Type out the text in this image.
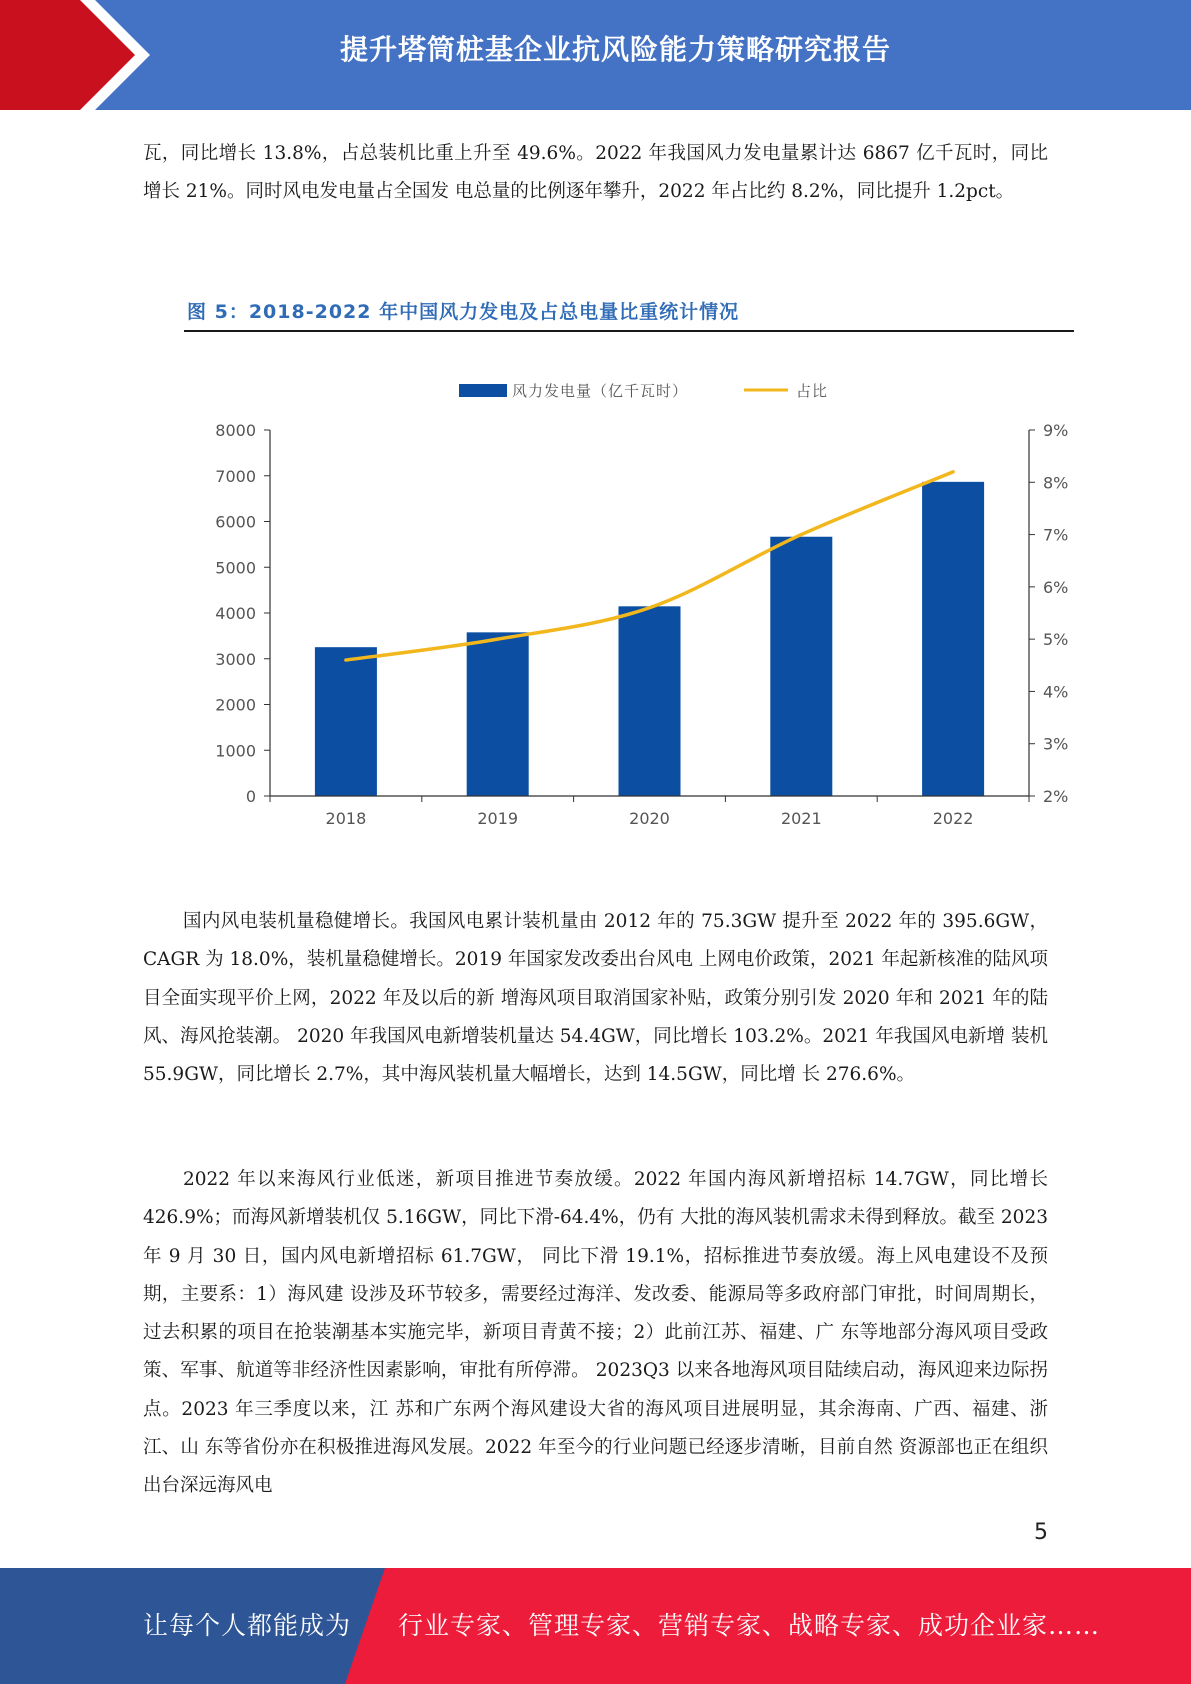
提升塔筒桩基企业抗风险能力策略研究报告

瓦，同比增长 13.8%，占总装机比重上升至 49.6%。2022 年我国风力发电量累计达 6867 亿千瓦时，同比增长 21%。同时风电发电量占全国发 电总量的比例逐年攀升，2022 年占比约 8.2%，同比提升 1.2pct。

图 5：2018-2022 年中国风力发电及占总电量比重统计情况
风力发电量（亿千瓦时）	占比
0
1000
2000
3000
4000
5000
6000
7000
8000
2%
3%
4%
5%
6%
7%
8%
9%
2018	2019	2020	2021	2022

国内风电装机量稳健增长。我国风电累计装机量由 2012 年的 75.3GW 提升至 2022 年的 395.6GW，CAGR 为 18.0%，装机量稳健增长。2019 年国家发改委出台风电 上网电价政策，2021 年起新核准的陆风项目全面实现平价上网，2022 年及以后的新 增海风项目取消国家补贴，政策分别引发 2020 年和 2021 年的陆风、海风抢装潮。 2020 年我国风电新增装机量达 54.4GW，同比增长 103.2%。2021 年我国风电新增 装机 55.9GW，同比增长 2.7%，其中海风装机量大幅增长，达到 14.5GW，同比增 长 276.6%。

2022 年以来海风行业低迷，新项目推进节奏放缓。2022 年国内海风新增招标 14.7GW，同比增长 426.9%；而海风新增装机仅 5.16GW，同比下滑-64.4%，仍有 大批的海风装机需求未得到释放。截至 2023 年 9 月 30 日，国内风电新增招标 61.7GW， 同比下滑 19.1%，招标推进节奏放缓。海上风电建设不及预期，主要系：1）海风建 设涉及环节较多，需要经过海洋、发改委、能源局等多政府部门审批，时间周期长， 过去积累的项目在抢装潮基本实施完毕，新项目青黄不接；2）此前江苏、福建、广 东等地部分海风项目受政策、军事、航道等非经济性因素影响，审批有所停滞。 2023Q3 以来各地海风项目陆续启动，海风迎来边际拐点。2023 年三季度以来，江 苏和广东两个海风建设大省的海风项目进展明显，其余海南、广西、福建、浙江、山 东等省份亦在积极推进海风发展。2022 年至今的行业问题已经逐步清晰，目前自然 资源部也正在组织出台深远海风电

5
让每个人都能成为 行业专家、管理专家、营销专家、战略专家、成功企业家……
